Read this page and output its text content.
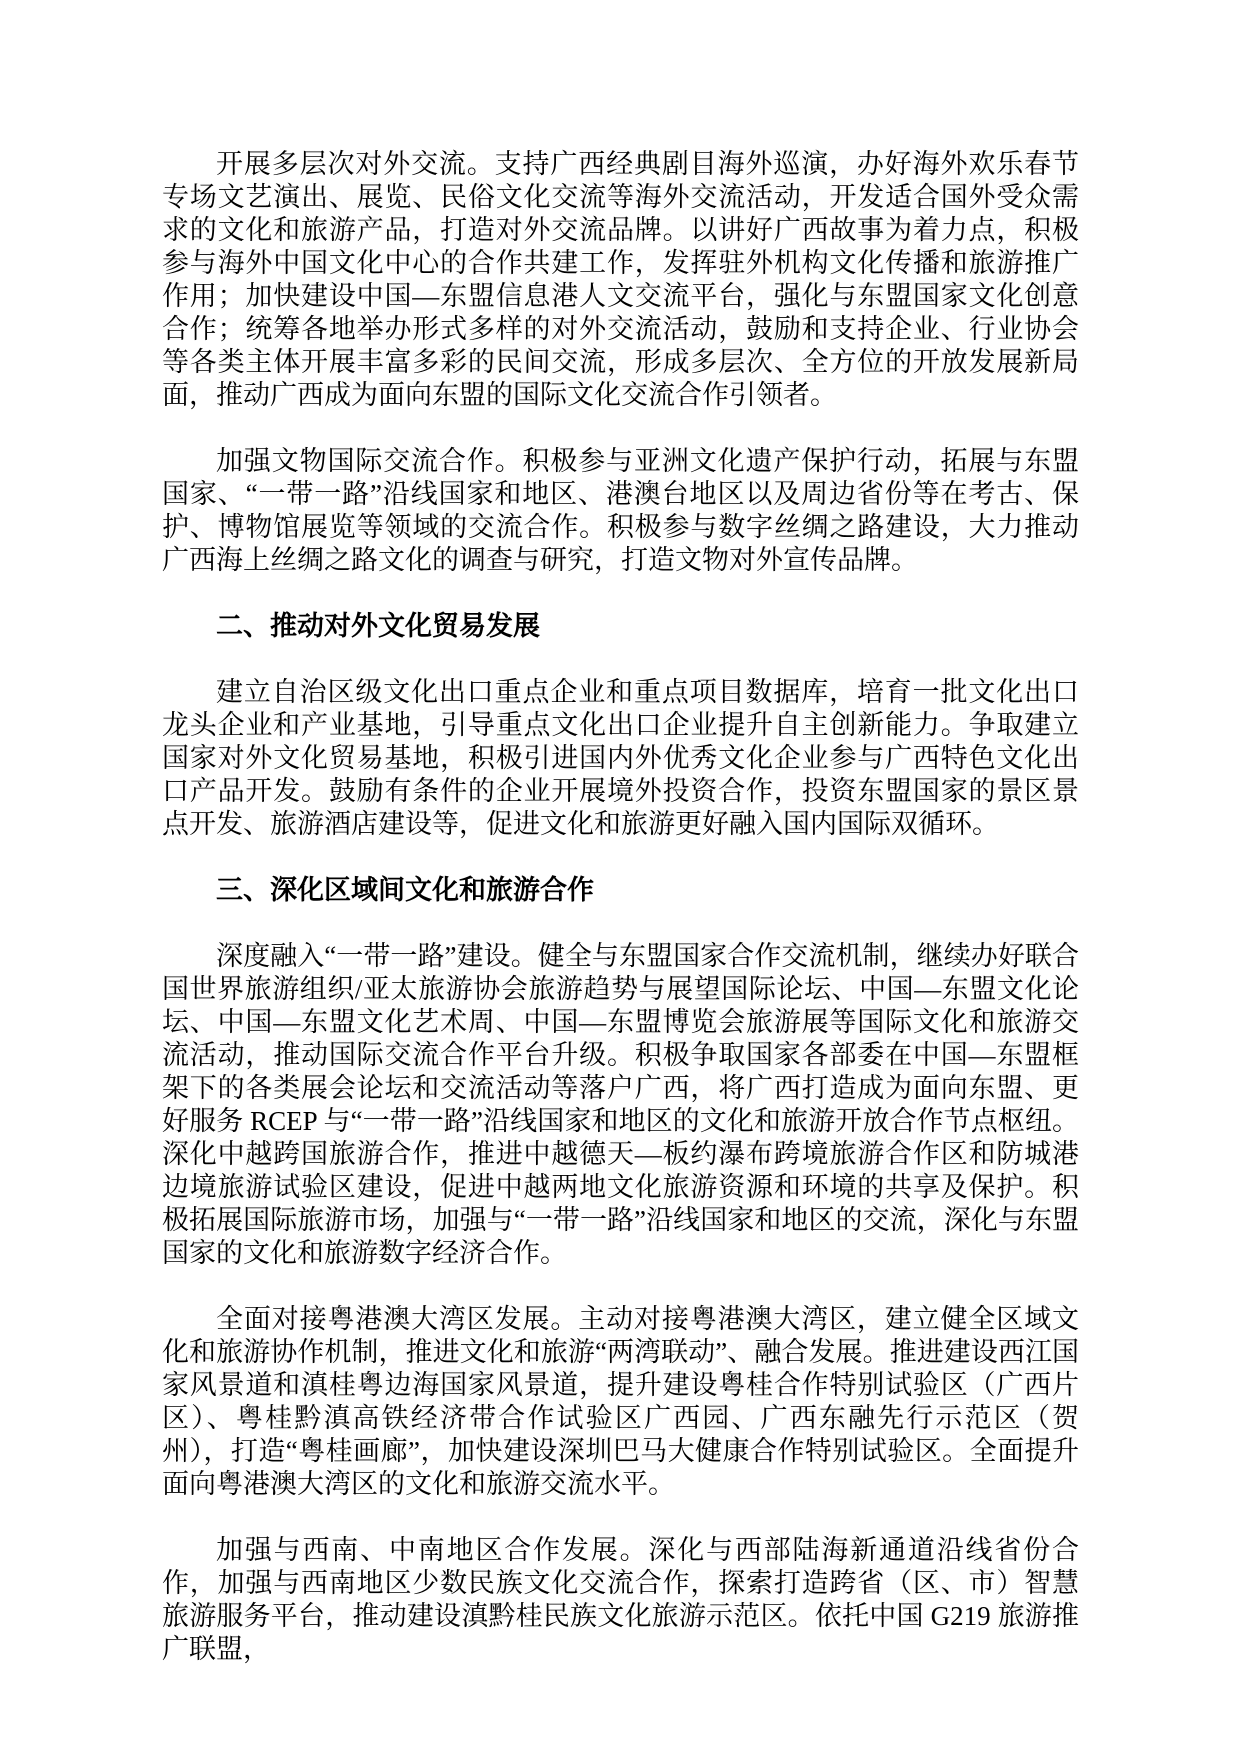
开展多层次对外交流。支持广西经典剧目海外巡演，办好海外欢乐春节专场文艺演出、展览、民俗文化交流等海外交流活动，开发适合国外受众需求的文化和旅游产品，打造对外交流品牌。以讲好广西故事为着力点，积极参与海外中国文化中心的合作共建工作，发挥驻外机构文化传播和旅游推广作用；加快建设中国—东盟信息港人文交流平台，强化与东盟国家文化创意合作；统筹各地举办形式多样的对外交流活动，鼓励和支持企业、行业协会等各类主体开展丰富多彩的民间交流，形成多层次、全方位的开放发展新局面，推动广西成为面向东盟的国际文化交流合作引领者。

加强文物国际交流合作。积极参与亚洲文化遗产保护行动，拓展与东盟国家、“一带一路”沿线国家和地区、港澳台地区以及周边省份等在考古、保护、博物馆展览等领域的交流合作。积极参与数字丝绸之路建设，大力推动广西海上丝绸之路文化的调查与研究，打造文物对外宣传品牌。

二、推动对外文化贸易发展

建立自治区级文化出口重点企业和重点项目数据库，培育一批文化出口龙头企业和产业基地，引导重点文化出口企业提升自主创新能力。争取建立国家对外文化贸易基地，积极引进国内外优秀文化企业参与广西特色文化出口产品开发。鼓励有条件的企业开展境外投资合作，投资东盟国家的景区景点开发、旅游酒店建设等，促进文化和旅游更好融入国内国际双循环。

三、深化区域间文化和旅游合作

深度融入“一带一路”建设。健全与东盟国家合作交流机制，继续办好联合国世界旅游组织/亚太旅游协会旅游趋势与展望国际论坛、中国—东盟文化论坛、中国—东盟文化艺术周、中国—东盟博览会旅游展等国际文化和旅游交流活动，推动国际交流合作平台升级。积极争取国家各部委在中国—东盟框架下的各类展会论坛和交流活动等落户广西，将广西打造成为面向东盟、更好服务 RCEP 与“一带一路”沿线国家和地区的文化和旅游开放合作节点枢纽。深化中越跨国旅游合作，推进中越德天—板约瀑布跨境旅游合作区和防城港边境旅游试验区建设，促进中越两地文化旅游资源和环境的共享及保护。积极拓展国际旅游市场，加强与“一带一路”沿线国家和地区的交流，深化与东盟国家的文化和旅游数字经济合作。

全面对接粤港澳大湾区发展。主动对接粤港澳大湾区，建立健全区域文化和旅游协作机制，推进文化和旅游“两湾联动”、融合发展。推进建设西江国家风景道和滇桂粤边海国家风景道，提升建设粤桂合作特别试验区（广西片区）、粤桂黔滇高铁经济带合作试验区广西园、广西东融先行示范区（贺州），打造“粤桂画廊”，加快建设深圳巴马大健康合作特别试验区。全面提升面向粤港澳大湾区的文化和旅游交流水平。

加强与西南、中南地区合作发展。深化与西部陆海新通道沿线省份合作，加强与西南地区少数民族文化交流合作，探索打造跨省（区、市）智慧旅游服务平台，推动建设滇黔桂民族文化旅游示范区。依托中国 G219 旅游推广联盟，
